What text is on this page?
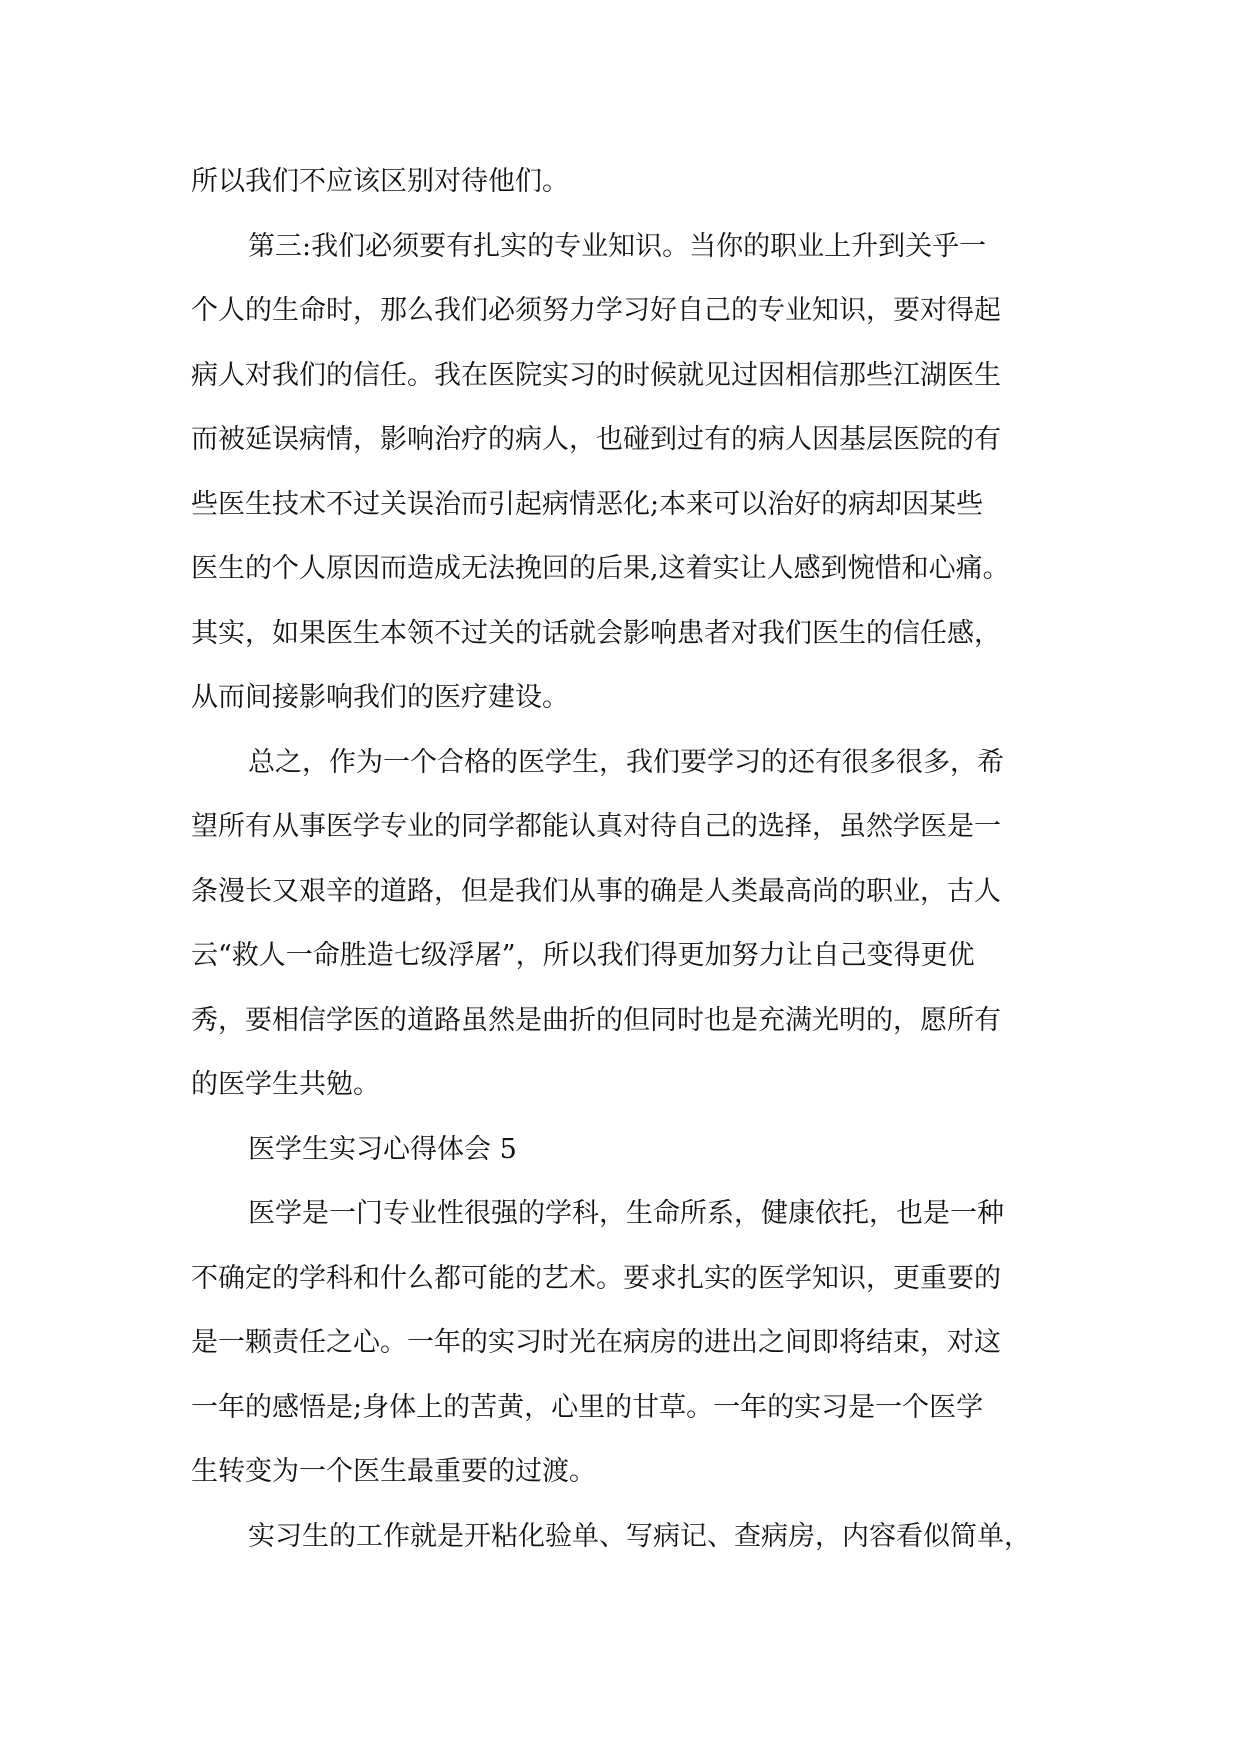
所以我们不应该区别对待他们。
第三:我们必须要有扎实的专业知识。当你的职业上升到关乎一
个人的生命时，那么我们必须努力学习好自己的专业知识，要对得起
病人对我们的信任。我在医院实习的时候就见过因相信那些江湖医生
而被延误病情，影响治疗的病人，也碰到过有的病人因基层医院的有
些医生技术不过关误治而引起病情恶化;本来可以治好的病却因某些
医生的个人原因而造成无法挽回的后果,这着实让人感到惋惜和心痛。
其实，如果医生本领不过关的话就会影响患者对我们医生的信任感，
从而间接影响我们的医疗建设。
总之，作为一个合格的医学生，我们要学习的还有很多很多，希
望所有从事医学专业的同学都能认真对待自己的选择，虽然学医是一
条漫长又艰辛的道路，但是我们从事的确是人类最高尚的职业，古人
云“救人一命胜造七级浮屠”，所以我们得更加努力让自己变得更优
秀，要相信学医的道路虽然是曲折的但同时也是充满光明的，愿所有
的医学生共勉。
医学生实习心得体会 5
医学是一门专业性很强的学科，生命所系，健康依托，也是一种
不确定的学科和什么都可能的艺术。要求扎实的医学知识，更重要的
是一颗责任之心。一年的实习时光在病房的进出之间即将结束，对这
一年的感悟是;身体上的苦黄，心里的甘草。一年的实习是一个医学
生转变为一个医生最重要的过渡。
实习生的工作就是开粘化验单、写病记、查病房，内容看似简单，
